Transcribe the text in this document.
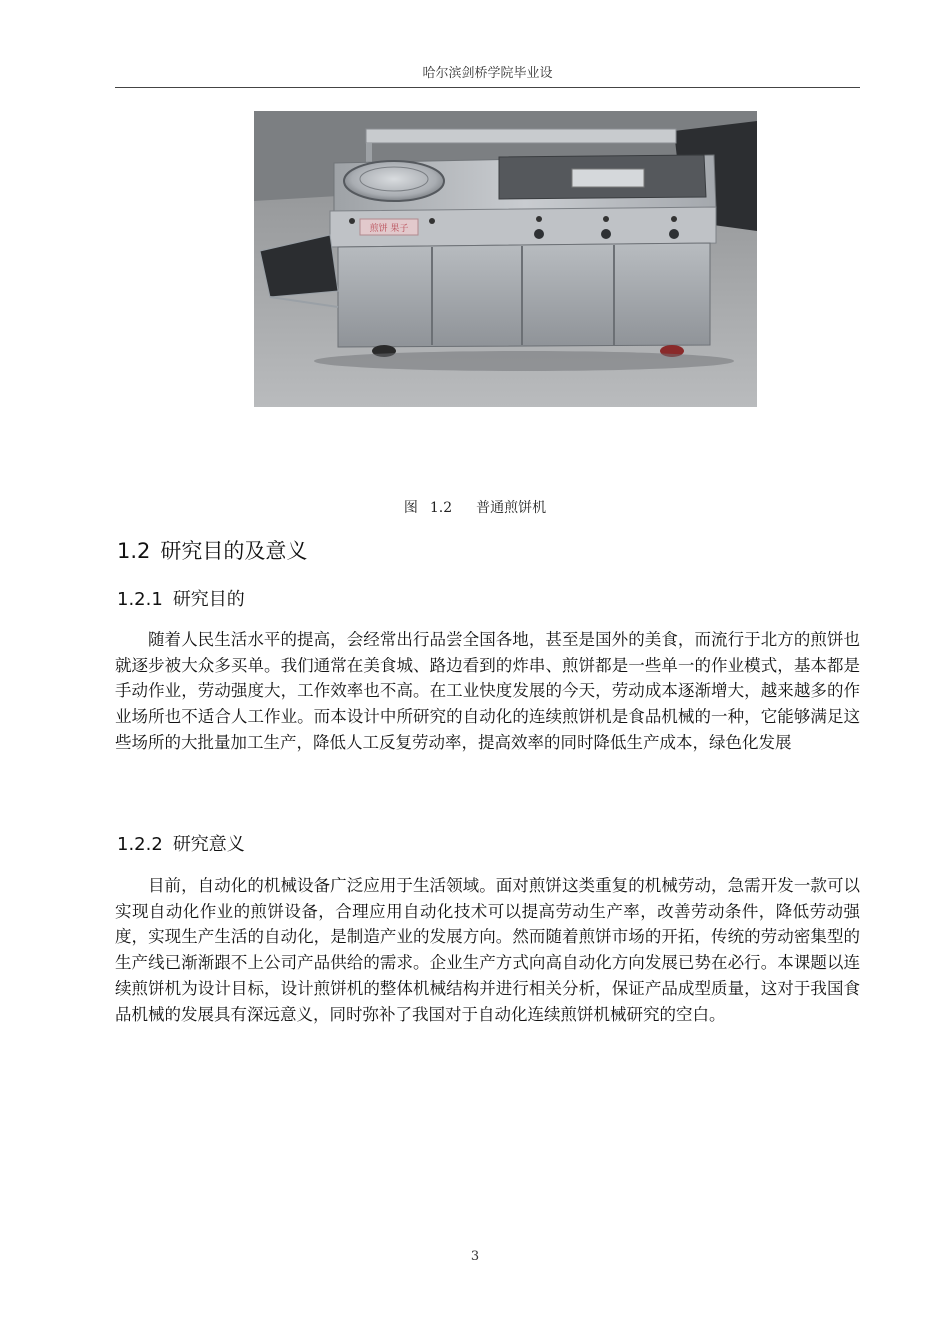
哈尔滨剑桥学院毕业设
煎饼 果子
图 1.2 普通煎饼机
1.2 研究目的及意义
1.2.1 研究目的
随着人民生活水平的提高，会经常出行品尝全国各地，甚至是国外的美食，而流行于北方的煎饼也就逐步被大众多买单。我们通常在美食城、路边看到的炸串、煎饼都是一些单一的作业模式，基本都是手动作业，劳动强度大，工作效率也不高。在工业快度发展的今天，劳动成本逐渐增大，越来越多的作业场所也不适合人工作业。而本设计中所研究的自动化的连续煎饼机是食品机械的一种，它能够满足这些场所的大批量加工生产，降低人工反复劳动率，提高效率的同时降低生产成本，绿色化发展
1.2.2 研究意义
目前，自动化的机械设备广泛应用于生活领域。面对煎饼这类重复的机械劳动，急需开发一款可以实现自动化作业的煎饼设备，合理应用自动化技术可以提高劳动生产率，改善劳动条件，降低劳动强度，实现生产生活的自动化，是制造产业的发展方向。然而随着煎饼市场的开拓，传统的劳动密集型的生产线已渐渐跟不上公司产品供给的需求。企业生产方式向高自动化方向发展已势在必行。本课题以连续煎饼机为设计目标，设计煎饼机的整体机械结构并进行相关分析，保证产品成型质量，这对于我国食品机械的发展具有深远意义，同时弥补了我国对于自动化连续煎饼机械研究的空白。
3
